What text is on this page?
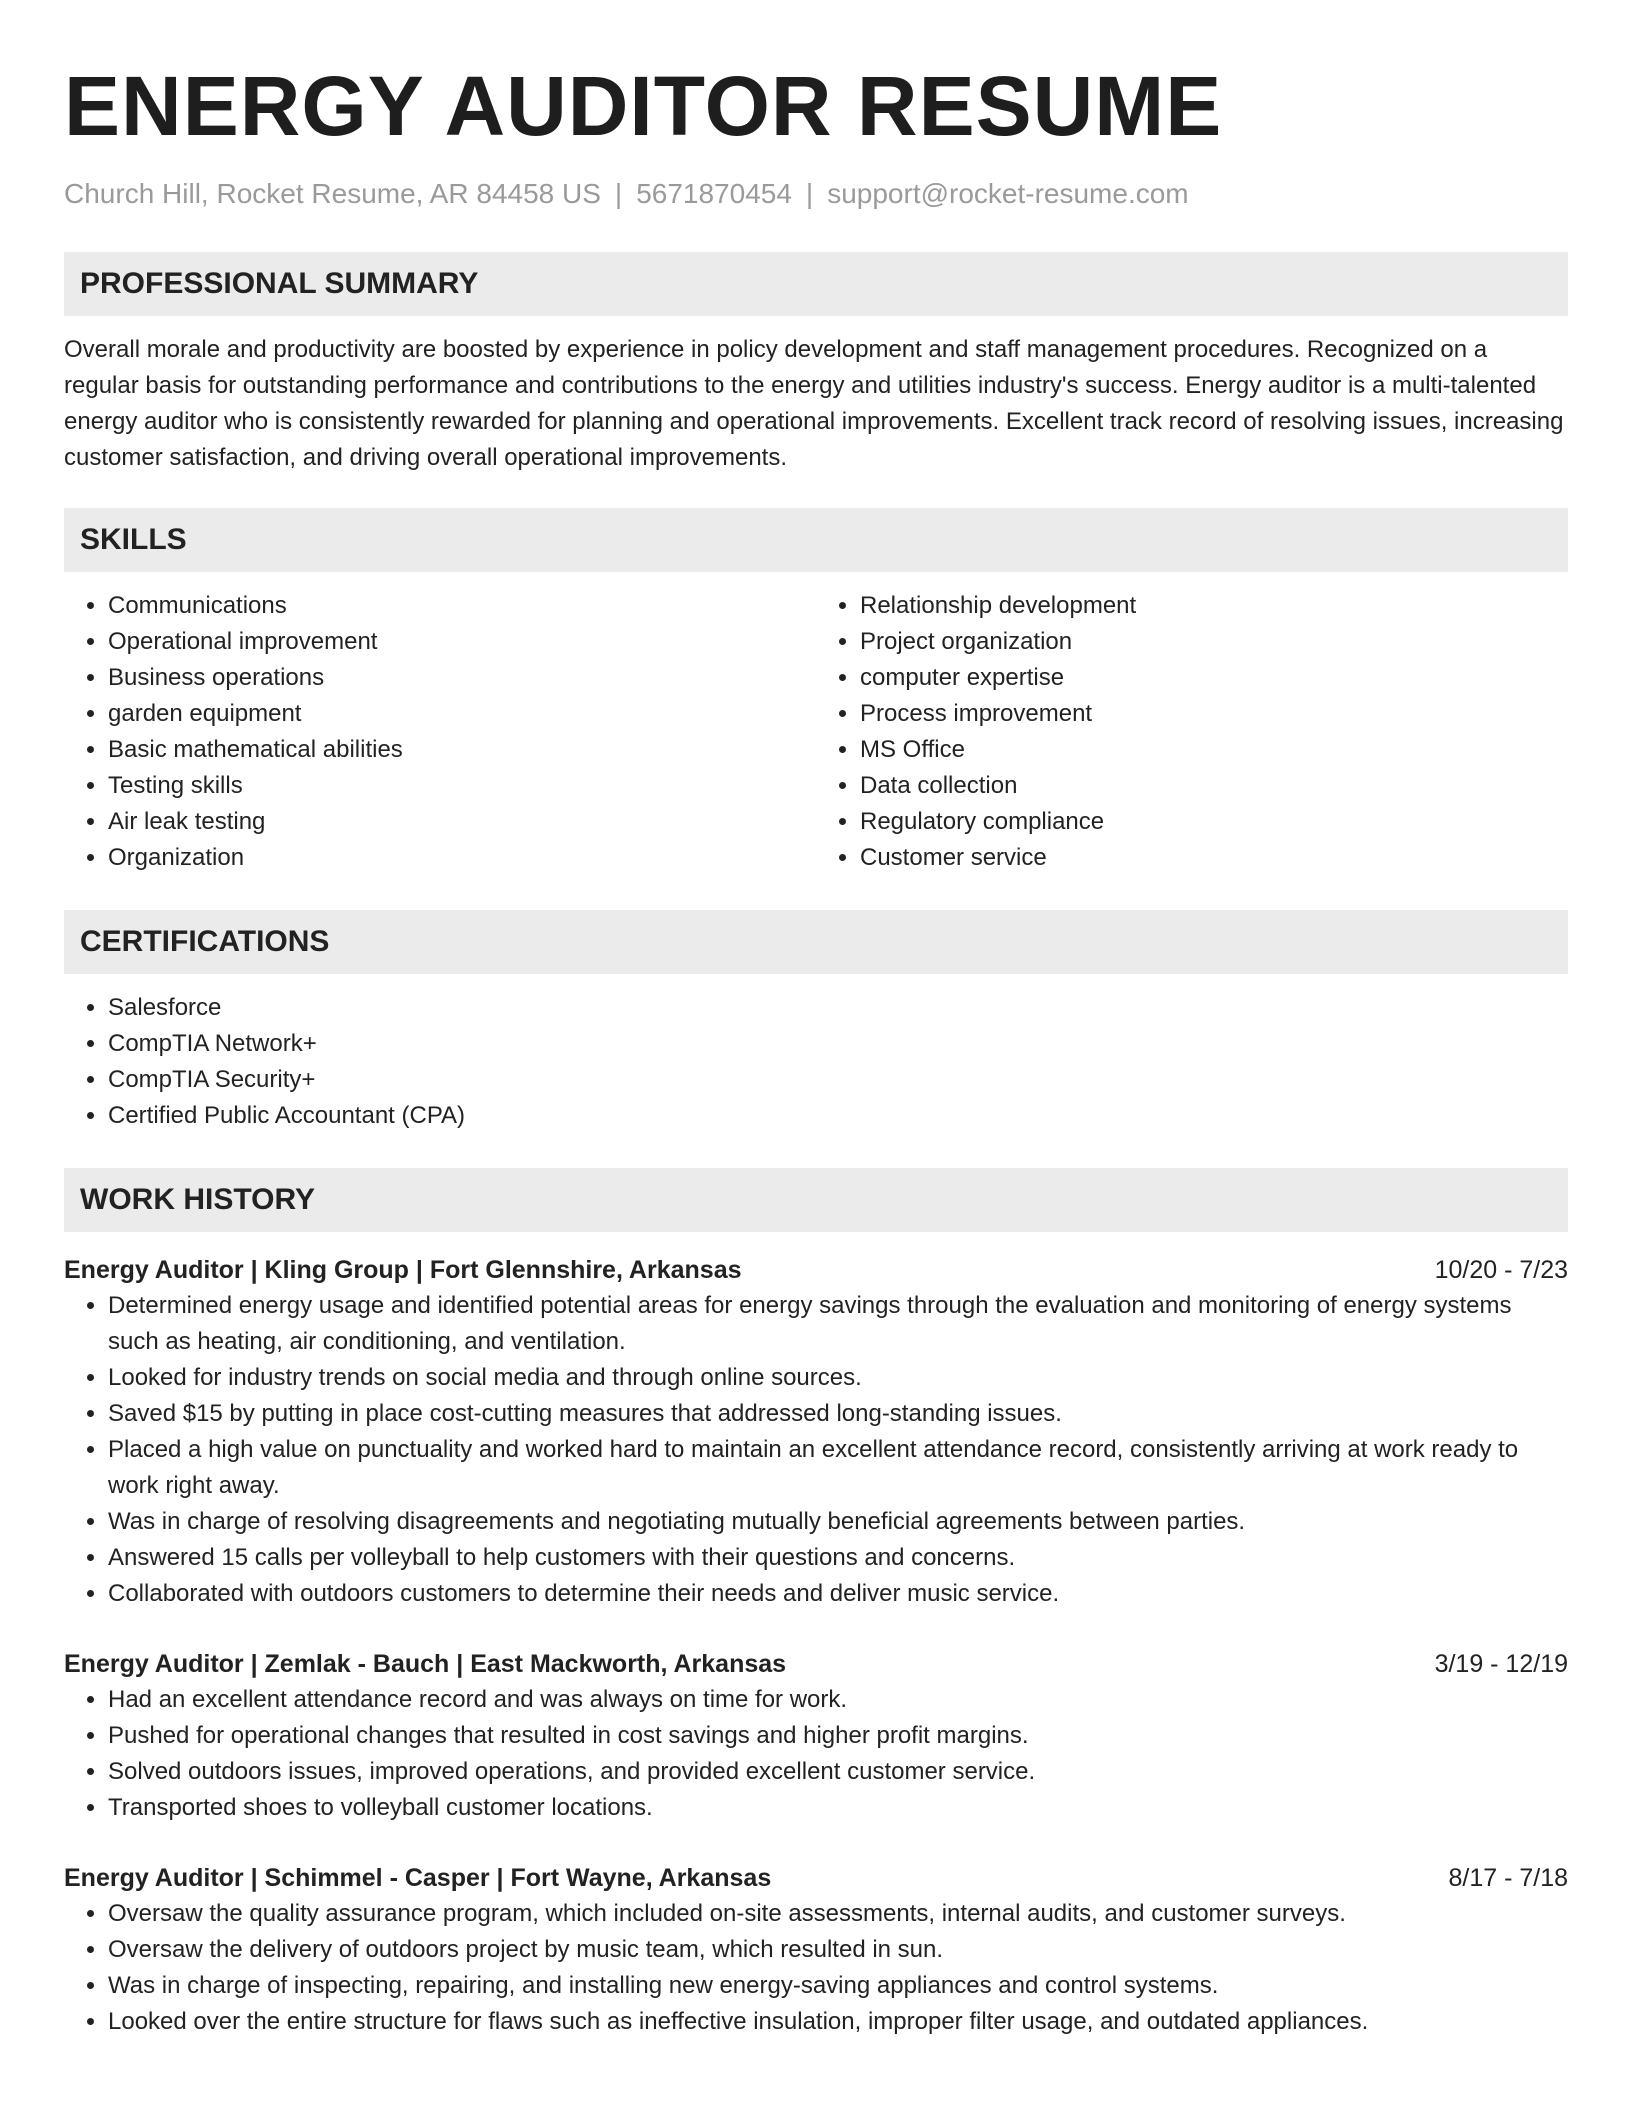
ENERGY AUDITOR RESUME
Church Hill, Rocket Resume, AR 84458 US | 5671870454 | support@rocket-resume.com
PROFESSIONAL SUMMARY

Overall morale and productivity are boosted by experience in policy development and staff management procedures. Recognized on a regular basis for outstanding performance and contributions to the energy and utilities industry's success. Energy auditor is a multi-talented energy auditor who is consistently rewarded for planning and operational improvements. Excellent track record of resolving issues, increasing customer satisfaction, and driving overall operational improvements.

SKILLS
• Communications
• Operational improvement
• Business operations
• garden equipment
• Basic mathematical abilities
• Testing skills
• Air leak testing
• Organization
• Relationship development
• Project organization
• computer expertise
• Process improvement
• MS Office
• Data collection
• Regulatory compliance
• Customer service
CERTIFICATIONS
• Salesforce
• CompTIA Network+
• CompTIA Security+
• Certified Public Accountant (CPA)
WORK HISTORY
Energy Auditor | Kling Group | Fort Glennshire, Arkansas	10/20 - 7/23
• Determined energy usage and identified potential areas for energy savings through the evaluation and monitoring of energy systems such as heating, air conditioning, and ventilation.
• Looked for industry trends on social media and through online sources.
• Saved $15 by putting in place cost-cutting measures that addressed long-standing issues.
• Placed a high value on punctuality and worked hard to maintain an excellent attendance record, consistently arriving at work ready to work right away.
• Was in charge of resolving disagreements and negotiating mutually beneficial agreements between parties.
• Answered 15 calls per volleyball to help customers with their questions and concerns.
• Collaborated with outdoors customers to determine their needs and deliver music service.
Energy Auditor | Zemlak - Bauch | East Mackworth, Arkansas	3/19 - 12/19
• Had an excellent attendance record and was always on time for work.
• Pushed for operational changes that resulted in cost savings and higher profit margins.
• Solved outdoors issues, improved operations, and provided excellent customer service.
• Transported shoes to volleyball customer locations.
Energy Auditor | Schimmel - Casper | Fort Wayne, Arkansas	8/17 - 7/18
• Oversaw the quality assurance program, which included on-site assessments, internal audits, and customer surveys.
• Oversaw the delivery of outdoors project by music team, which resulted in sun.
• Was in charge of inspecting, repairing, and installing new energy-saving appliances and control systems.
• Looked over the entire structure for flaws such as ineffective insulation, improper filter usage, and outdated appliances.
